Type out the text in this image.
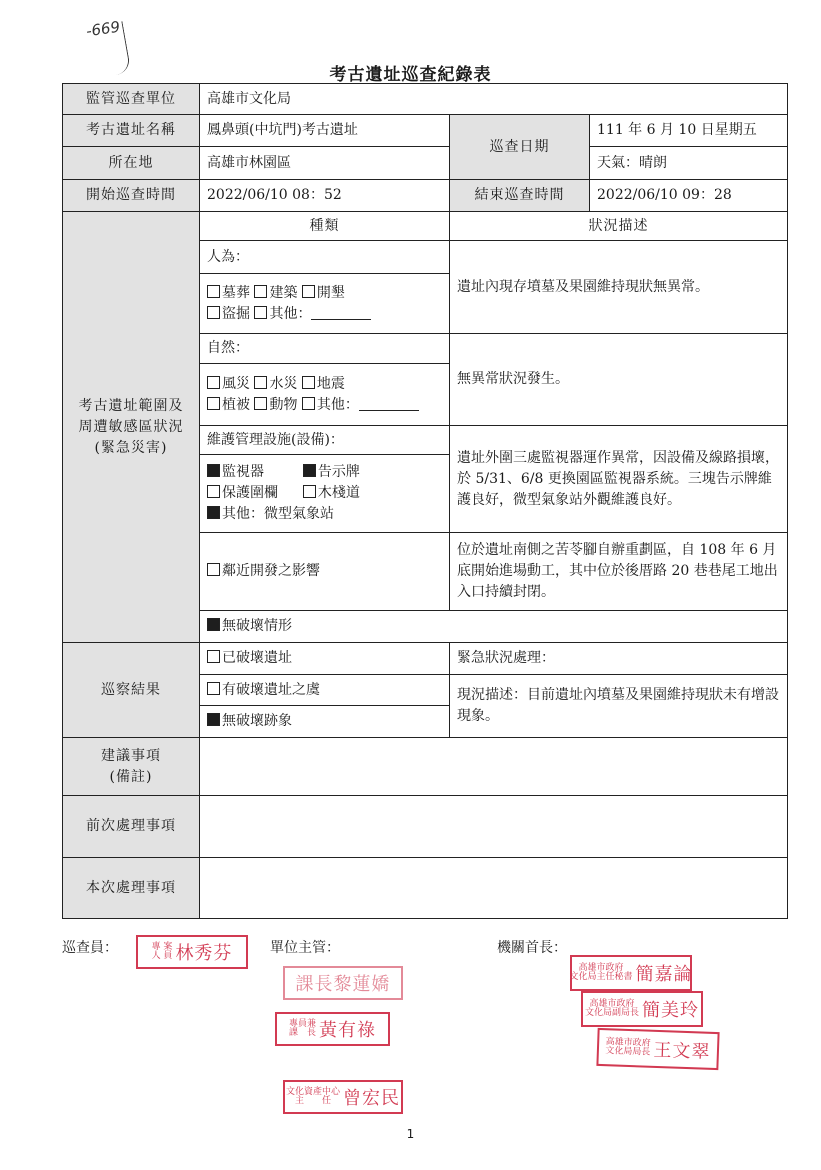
-669
考古遺址巡查紀錄表
監管巡查單位	高雄市文化局		
考古遺址名稱	鳳鼻頭(中坑門)考古遺址	巡查日期	111 年 6 月 10 日星期五
所在地	高雄市林園區		天氣：晴朗
開始巡查時間	2022/06/10 08：52	結束巡查時間	2022/06/10 09：28
考古遺址範圍及
周遭敏感區狀況
(緊急災害)	種類	狀況描述	
	人為：	遺址內現存墳墓及果園維持現狀無異常。	
	墓葬 建築 開墾
盜掘 其他：		
	自然：	無異常狀況發生。	
	風災 水災 地震
植被 動物 其他：		
	維護管理設施(設備)：	遺址外圍三處監視器運作異常，因設備及線路損壞，於 5/31、6/8 更換園區監視器系統。三塊告示牌維護良好，微型氣象站外觀維護良好。	
	監視器 告示牌
保護圍欄 木棧道
其他：微型氣象站		
	鄰近開發之影響	位於遺址南側之苦苓腳自辦重劃區，自 108 年 6 月底開始進場動工，其中位於後厝路 20 巷巷尾工地出入口持續封閉。	
	無破壞情形		
巡察結果	已破壞遺址	緊急狀況處理：	
	有破壞遺址之虞	現況描述：目前遺址內墳墓及果園維持現狀未有增設現象。	
	無破壞跡象		
建議事項
(備註)			
前次處理事項			
本次處理事項			
巡查員：	單位主管：	機關首長：
專 案
人 員 林秀芬
課長黎蓮嬌
專員兼
課　長 黃有祿
文化資產中心
主　　任 曾宏民
高雄市政府
文化局主任秘書 簡嘉論
高雄市政府
文化局副局長 簡美玲
高雄市政府
文化局局長 王文翠
1
